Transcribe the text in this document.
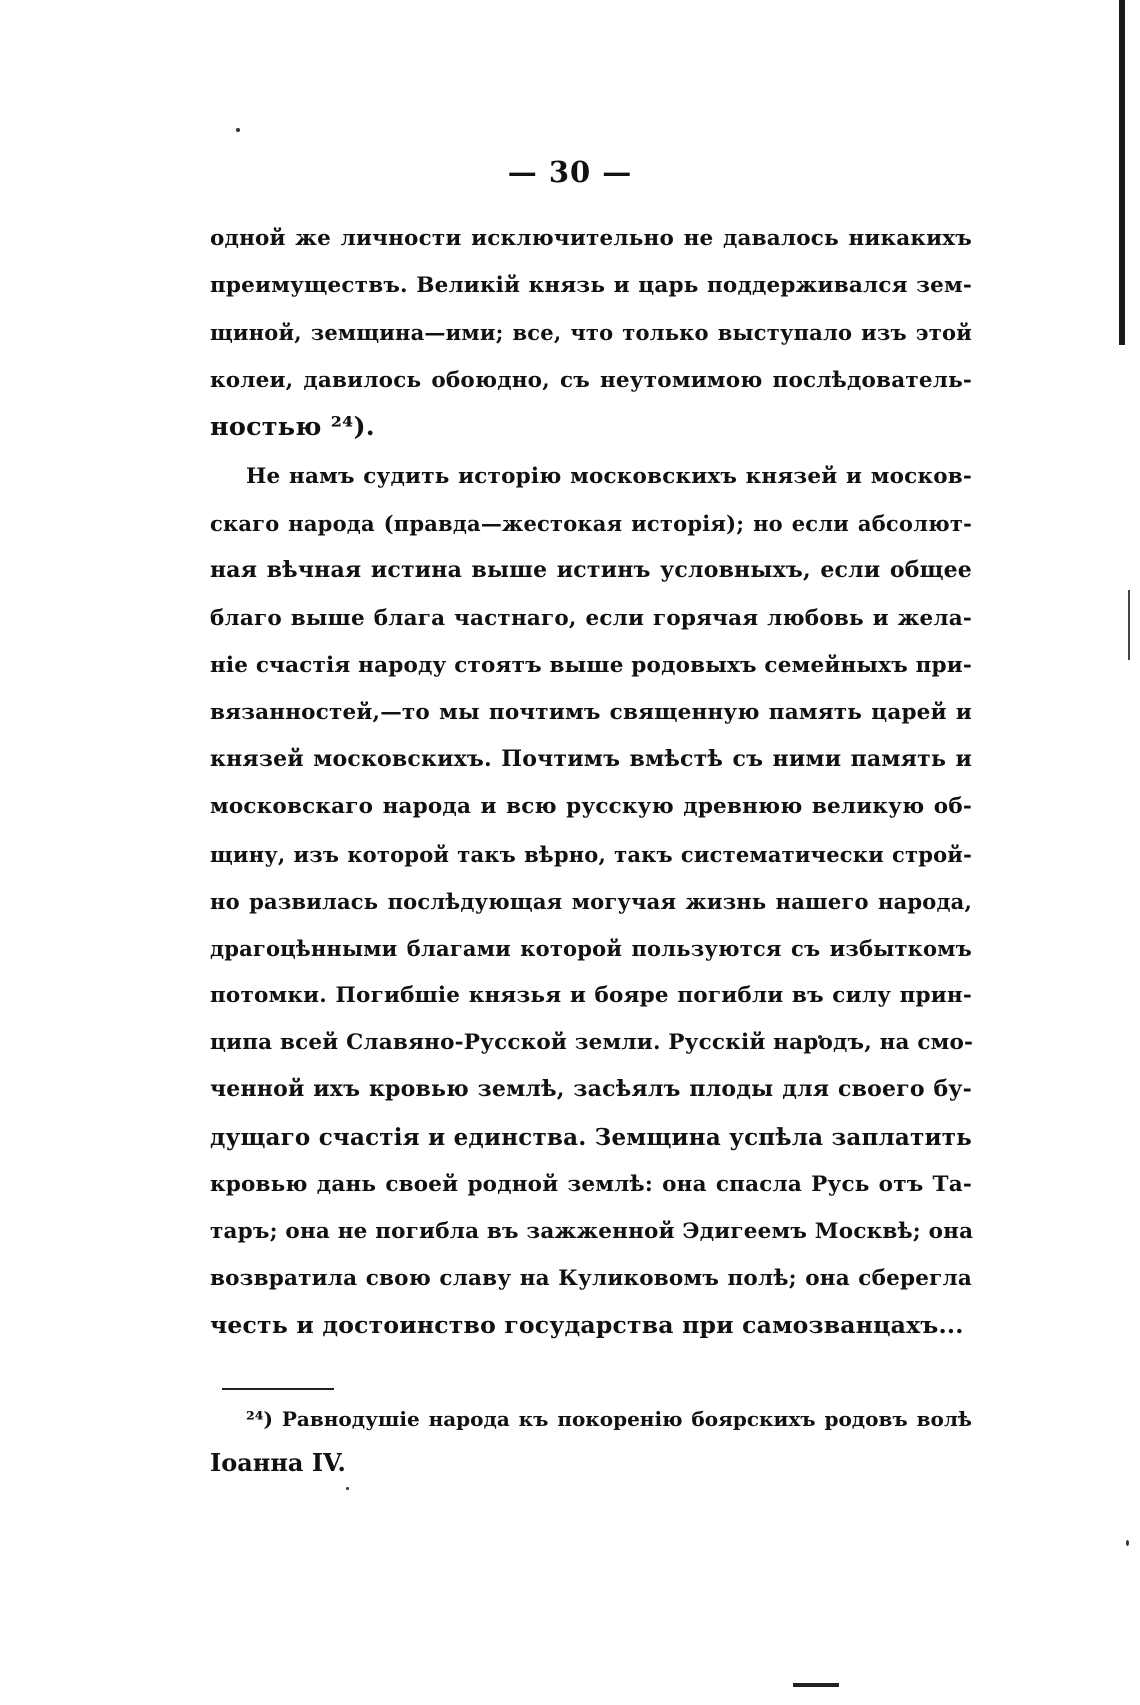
— 30 —
одной же личности исключительно не давалось никакихъ
преимуществъ. Великій князь и царь поддерживался зем-
щиной, земщина—ими; все, что только выступало изъ этой
колеи, давилось обоюдно, съ неутомимою послѣдователь-
ностью ²⁴).
Не намъ судить исторію московскихъ князей и москов-
скаго народа (правда—жестокая исторія); но если абсолют-
ная вѣчная истина выше истинъ условныхъ, если общее
благо выше блага частнаго, если горячая любовь и жела-
ніе счастія народу стоятъ выше родовыхъ семейныхъ при-
вязанностей,—то мы почтимъ священную память царей и
князей московскихъ. Почтимъ вмѣстѣ съ ними память и
московскаго народа и всю русскую древнюю великую об-
щину, изъ которой такъ вѣрно, такъ систематически строй-
но развилась послѣдующая могучая жизнь нашего народа,
драгоцѣнными благами которой пользуются съ избыткомъ
потомки. Погибшіе князья и бояре погибли въ силу прин-
ципа всей Славяно-Русской земли. Русскій народъ, на смо-
ченной ихъ кровью землѣ, засѣялъ плоды для своего бу-
дущаго счастія и единства. Земщина успѣла заплатить
кровью дань своей родной землѣ: она спасла Русь отъ Та-
таръ; она не погибла въ зажженной Эдигеемъ Москвѣ; она
возвратила свою славу на Куликовомъ полѣ; она сберегла
честь и достоинство государства при самозванцахъ...
²⁴) Равнодушіе народа къ покоренію боярскихъ родовъ волѣ
Іоанна IV.
